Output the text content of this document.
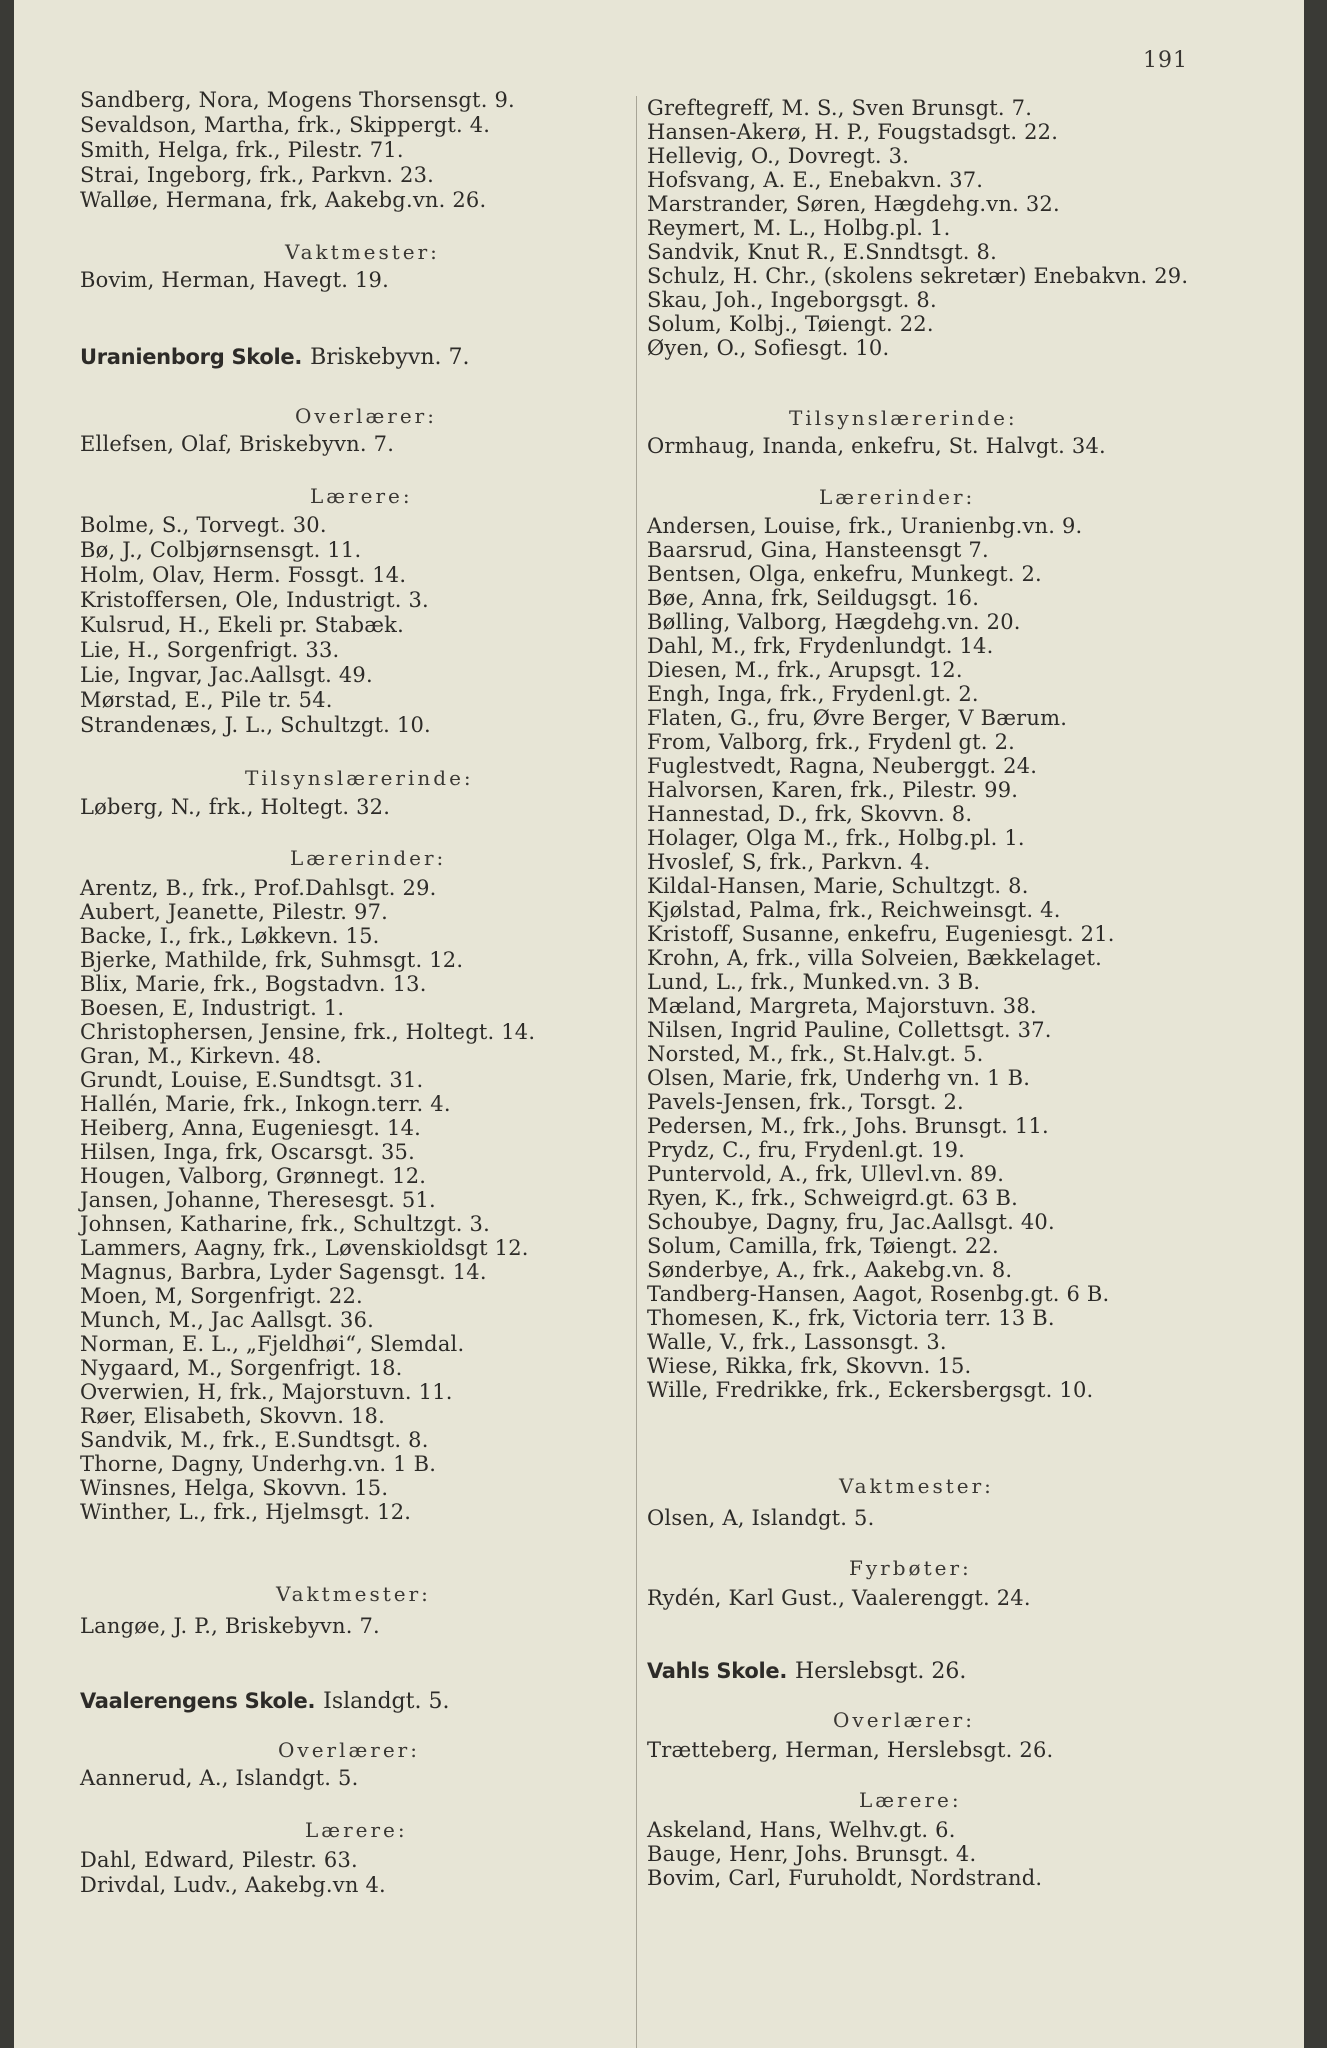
191
Sandberg, Nora, Mogens Thorsensgt. 9.
Sevaldson, Martha, frk., Skippergt. 4.
Smith, Helga, frk., Pilestr. 71.
Strai, Ingeborg, frk., Parkvn. 23.
Walløe, Hermana, frk, Aakebg.vn. 26.
Vaktmester:
Bovim, Herman, Havegt. 19.
Uranienborg Skole. Briskebyvn. 7.
Overlærer:
Ellefsen, Olaf, Briskebyvn. 7.
Lærere:
Bolme, S., Torvegt. 30.
Bø, J., Colbjørnsensgt. 11.
Holm, Olav, Herm. Fossgt. 14.
Kristoffersen, Ole, Industrigt. 3.
Kulsrud, H., Ekeli pr. Stabæk.
Lie, H., Sorgenfrigt. 33.
Lie, Ingvar, Jac.Aallsgt. 49.
Mørstad, E., Pile tr. 54.
Strandenæs, J. L., Schultzgt. 10.
Tilsynslærerinde:
Løberg, N., frk., Holtegt. 32.
Lærerinder:
Arentz, B., frk., Prof.Dahlsgt. 29.
Aubert, Jeanette, Pilestr. 97.
Backe, I., frk., Løkkevn. 15.
Bjerke, Mathilde, frk, Suhmsgt. 12.
Blix, Marie, frk., Bogstadvn. 13.
Boesen, E, Industrigt. 1.
Christophersen, Jensine, frk., Holtegt. 14.
Gran, M., Kirkevn. 48.
Grundt, Louise, E.Sundtsgt. 31.
Hallén, Marie, frk., Inkogn.terr. 4.
Heiberg, Anna, Eugeniesgt. 14.
Hilsen, Inga, frk, Oscarsgt. 35.
Hougen, Valborg, Grønnegt. 12.
Jansen, Johanne, Theresesgt. 51.
Johnsen, Katharine, frk., Schultzgt. 3.
Lammers, Aagny, frk., Løvenskioldsgt 12.
Magnus, Barbra, Lyder Sagensgt. 14.
Moen, M, Sorgenfrigt. 22.
Munch, M., Jac Aallsgt. 36.
Norman, E. L., „Fjeldhøi“, Slemdal.
Nygaard, M., Sorgenfrigt. 18.
Overwien, H, frk., Majorstuvn. 11.
Røer, Elisabeth, Skovvn. 18.
Sandvik, M., frk., E.Sundtsgt. 8.
Thorne, Dagny, Underhg.vn. 1 B.
Winsnes, Helga, Skovvn. 15.
Winther, L., frk., Hjelmsgt. 12.
Vaktmester:
Langøe, J. P., Briskebyvn. 7.
Vaalerengens Skole. Islandgt. 5.
Overlærer:
Aannerud, A., Islandgt. 5.
Lærere:
Dahl, Edward, Pilestr. 63.
Drivdal, Ludv., Aakebg.vn 4.
Greftegreff, M. S., Sven Brunsgt. 7.
Hansen-Akerø, H. P., Fougstadsgt. 22.
Hellevig, O., Dovregt. 3.
Hofsvang, A. E., Enebakvn. 37.
Marstrander, Søren, Hægdehg.vn. 32.
Reymert, M. L., Holbg.pl. 1.
Sandvik, Knut R., E.Snndtsgt. 8.
Schulz, H. Chr., (skolens sekretær) Enebakvn. 29.
Skau, Joh., Ingeborgsgt. 8.
Solum, Kolbj., Tøiengt. 22.
Øyen, O., Sofiesgt. 10.
Tilsynslærerinde:
Ormhaug, Inanda, enkefru, St. Halvgt. 34.
Lærerinder:
Andersen, Louise, frk., Uranienbg.vn. 9.
Baarsrud, Gina, Hansteensgt 7.
Bentsen, Olga, enkefru, Munkegt. 2.
Bøe, Anna, frk, Seildugsgt. 16.
Bølling, Valborg, Hægdehg.vn. 20.
Dahl, M., frk, Frydenlundgt. 14.
Diesen, M., frk., Arupsgt. 12.
Engh, Inga, frk., Frydenl.gt. 2.
Flaten, G., fru, Øvre Berger, V Bærum.
From, Valborg, frk., Frydenl gt. 2.
Fuglestvedt, Ragna, Neuberggt. 24.
Halvorsen, Karen, frk., Pilestr. 99.
Hannestad, D., frk, Skovvn. 8.
Holager, Olga M., frk., Holbg.pl. 1.
Hvoslef, S, frk., Parkvn. 4.
Kildal-Hansen, Marie, Schultzgt. 8.
Kjølstad, Palma, frk., Reichweinsgt. 4.
Kristoff, Susanne, enkefru, Eugeniesgt. 21.
Krohn, A, frk., villa Solveien, Bækkelaget.
Lund, L., frk., Munked.vn. 3 B.
Mæland, Margreta, Majorstuvn. 38.
Nilsen, Ingrid Pauline, Collettsgt. 37.
Norsted, M., frk., St.Halv.gt. 5.
Olsen, Marie, frk, Underhg vn. 1 B.
Pavels-Jensen, frk., Torsgt. 2.
Pedersen, M., frk., Johs. Brunsgt. 11.
Prydz, C., fru, Frydenl.gt. 19.
Puntervold, A., frk, Ullevl.vn. 89.
Ryen, K., frk., Schweigrd.gt. 63 B.
Schoubye, Dagny, fru, Jac.Aallsgt. 40.
Solum, Camilla, frk, Tøiengt. 22.
Sønderbye, A., frk., Aakebg.vn. 8.
Tandberg-Hansen, Aagot, Rosenbg.gt. 6 B.
Thomesen, K., frk, Victoria terr. 13 B.
Walle, V., frk., Lassonsgt. 3.
Wiese, Rikka, frk, Skovvn. 15.
Wille, Fredrikke, frk., Eckersbergsgt. 10.
Vaktmester:
Olsen, A, Islandgt. 5.
Fyrbøter:
Rydén, Karl Gust., Vaalerenggt. 24.
Vahls Skole. Herslebsgt. 26.
Overlærer:
Trætteberg, Herman, Herslebsgt. 26.
Lærere:
Askeland, Hans, Welhv.gt. 6.
Bauge, Henr, Johs. Brunsgt. 4.
Bovim, Carl, Furuholdt, Nordstrand.
